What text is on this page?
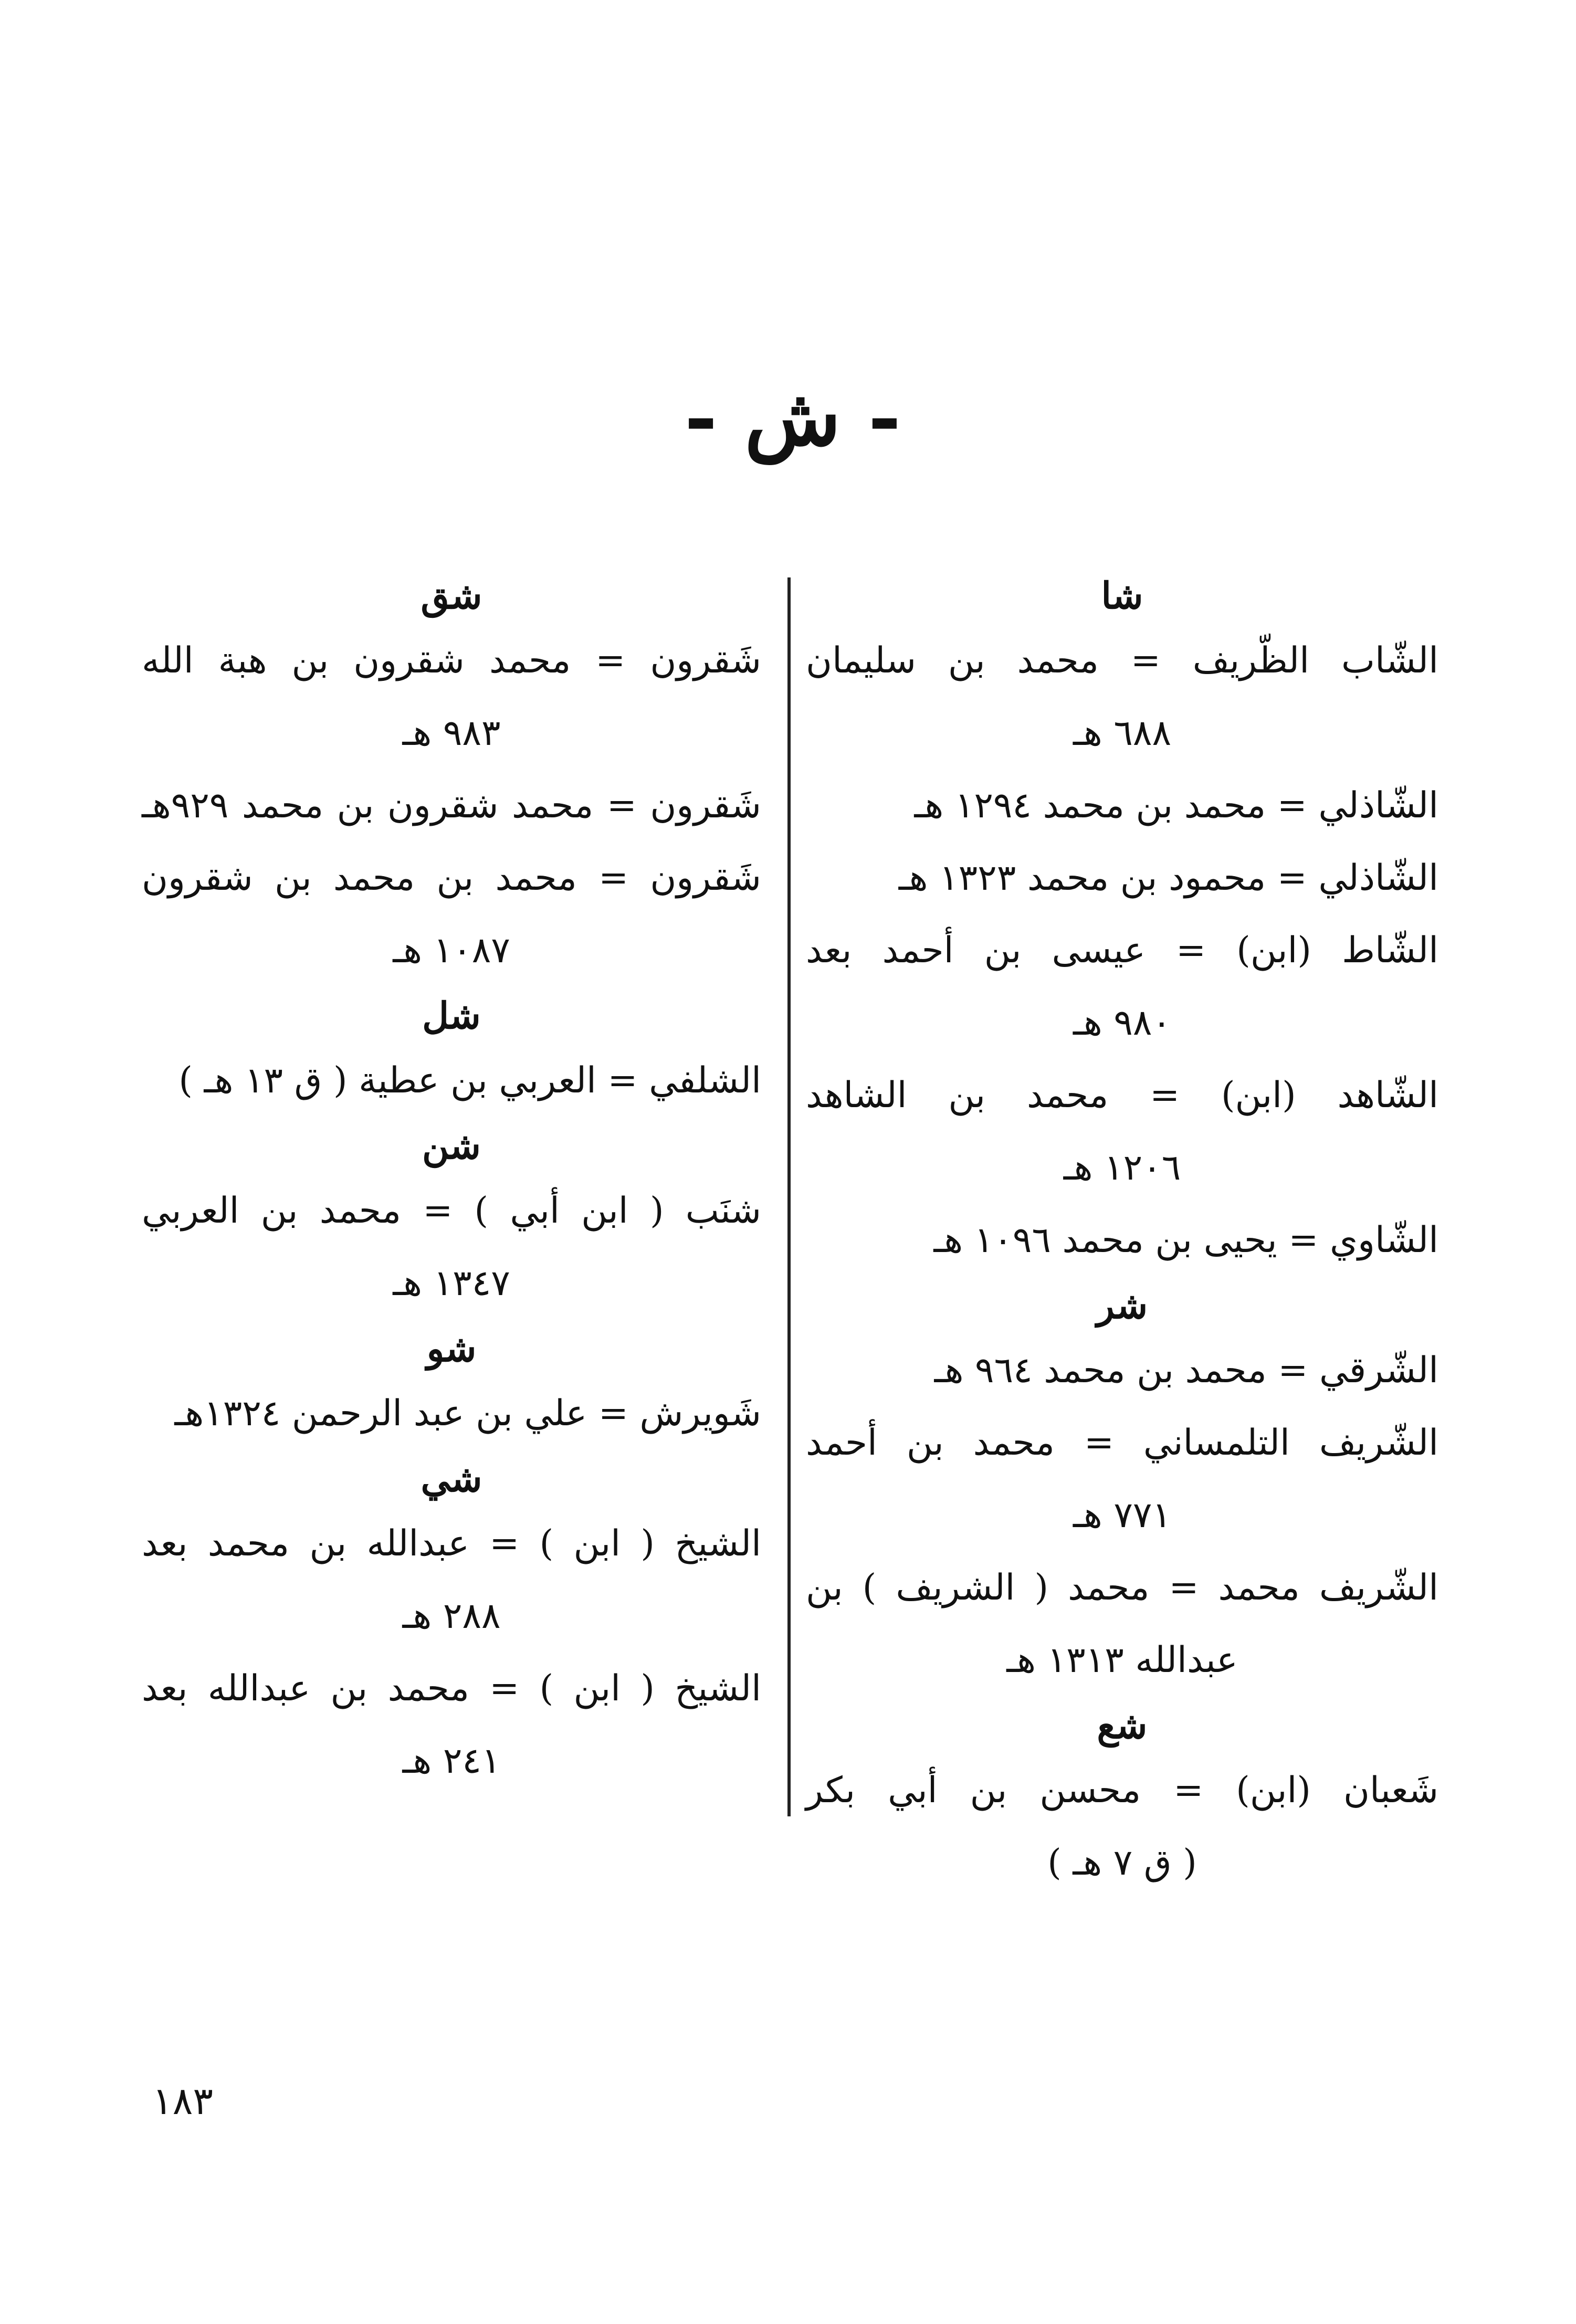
- ش -
شا
الشّاب الظّريف = محمد بن سليمان
٦٨٨ هـ
الشّاذلي = محمد بن محمد ١٢٩٤ هـ
الشّاذلي = محمود بن محمد ١٣٢٣ هـ
الشّاط (ابن) = عيسى بن أحمد بعد
٩٨٠ هـ
الشّاهد (ابن) = محمد بن الشاهد
١٢٠٦ هـ
الشّاوي = يحيى بن محمد ١٠٩٦ هـ
شر
الشّرقي = محمد بن محمد ٩٦٤ هـ
الشّريف التلمساني = محمد بن أحمد
٧٧١ هـ
الشّريف محمد = محمد ( الشريف ) بن
عبدالله ١٣١٣ هـ
شع
شَعبان (ابن) = محسن بن أبي بكر
( ق ٧ هـ )
شق
شَقرون = محمد شقرون بن هبة الله
٩٨٣ هـ
شَقرون = محمد شقرون بن محمد ٩٢٩هـ
شَقرون = محمد بن محمد بن شقرون
١٠٨٧ هـ
شل
الشلفي = العربي بن عطية ( ق ١٣ هـ )
شن
شنَب ( ابن أبي ) = محمد بن العربي
١٣٤٧ هـ
شو
شَويرش = علي بن عبد الرحمن ١٣٢٤هـ
شي
الشيخ ( ابن ) = عبدالله بن محمد بعد
٢٨٨ هـ
الشيخ ( ابن ) = محمد بن عبدالله بعد
٢٤١ هـ
١٨٣
